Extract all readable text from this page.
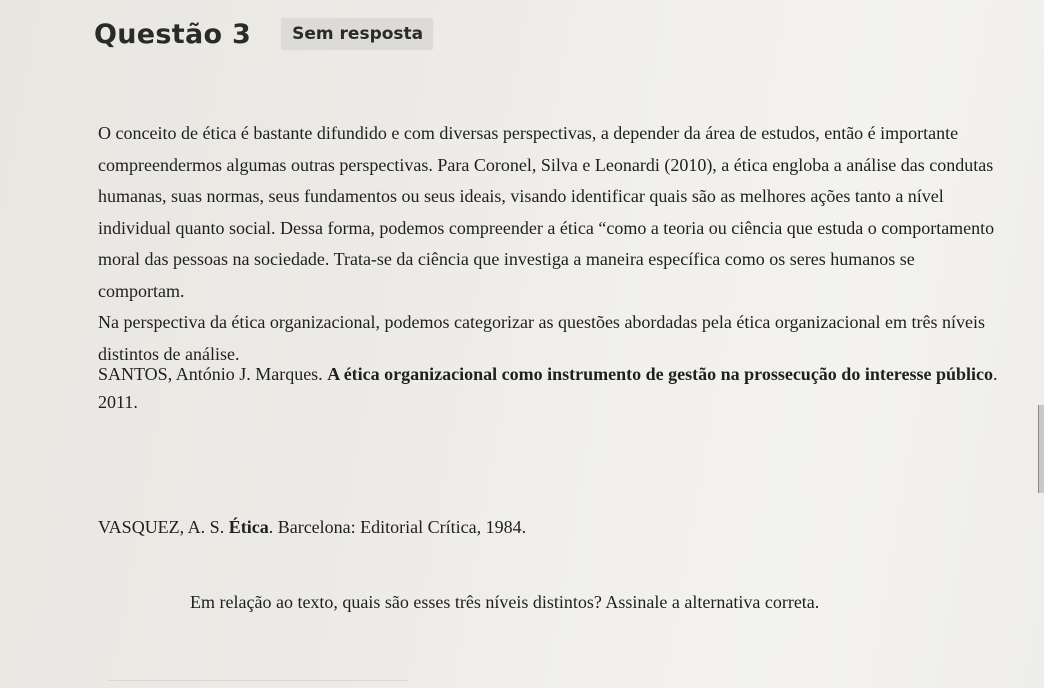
Questão 3	Sem resposta

O conceito de ética é bastante difundido e com diversas perspectivas, a depender da área de estudos, então é importante compreendermos algumas outras perspectivas. Para Coronel, Silva e Leonardi (2010), a ética engloba a análise das condutas humanas, suas normas, seus fundamentos ou seus ideais, visando identificar quais são as melhores ações tanto a nível individual quanto social. Dessa forma, podemos compreender a ética “como a teoria ou ciência que estuda o comportamento moral das pessoas na sociedade. Trata-se da ciência que investiga a maneira específica como os seres humanos se comportam.

Na perspectiva da ética organizacional, podemos categorizar as questões abordadas pela ética organizacional em três níveis distintos de análise.

SANTOS, António J. Marques. A ética organizacional como instrumento de gestão na prossecução do interesse público. 2011.
VASQUEZ, A. S. Ética. Barcelona: Editorial Crítica, 1984.
Em relação ao texto, quais são esses três níveis distintos? Assinale a alternativa correta.
